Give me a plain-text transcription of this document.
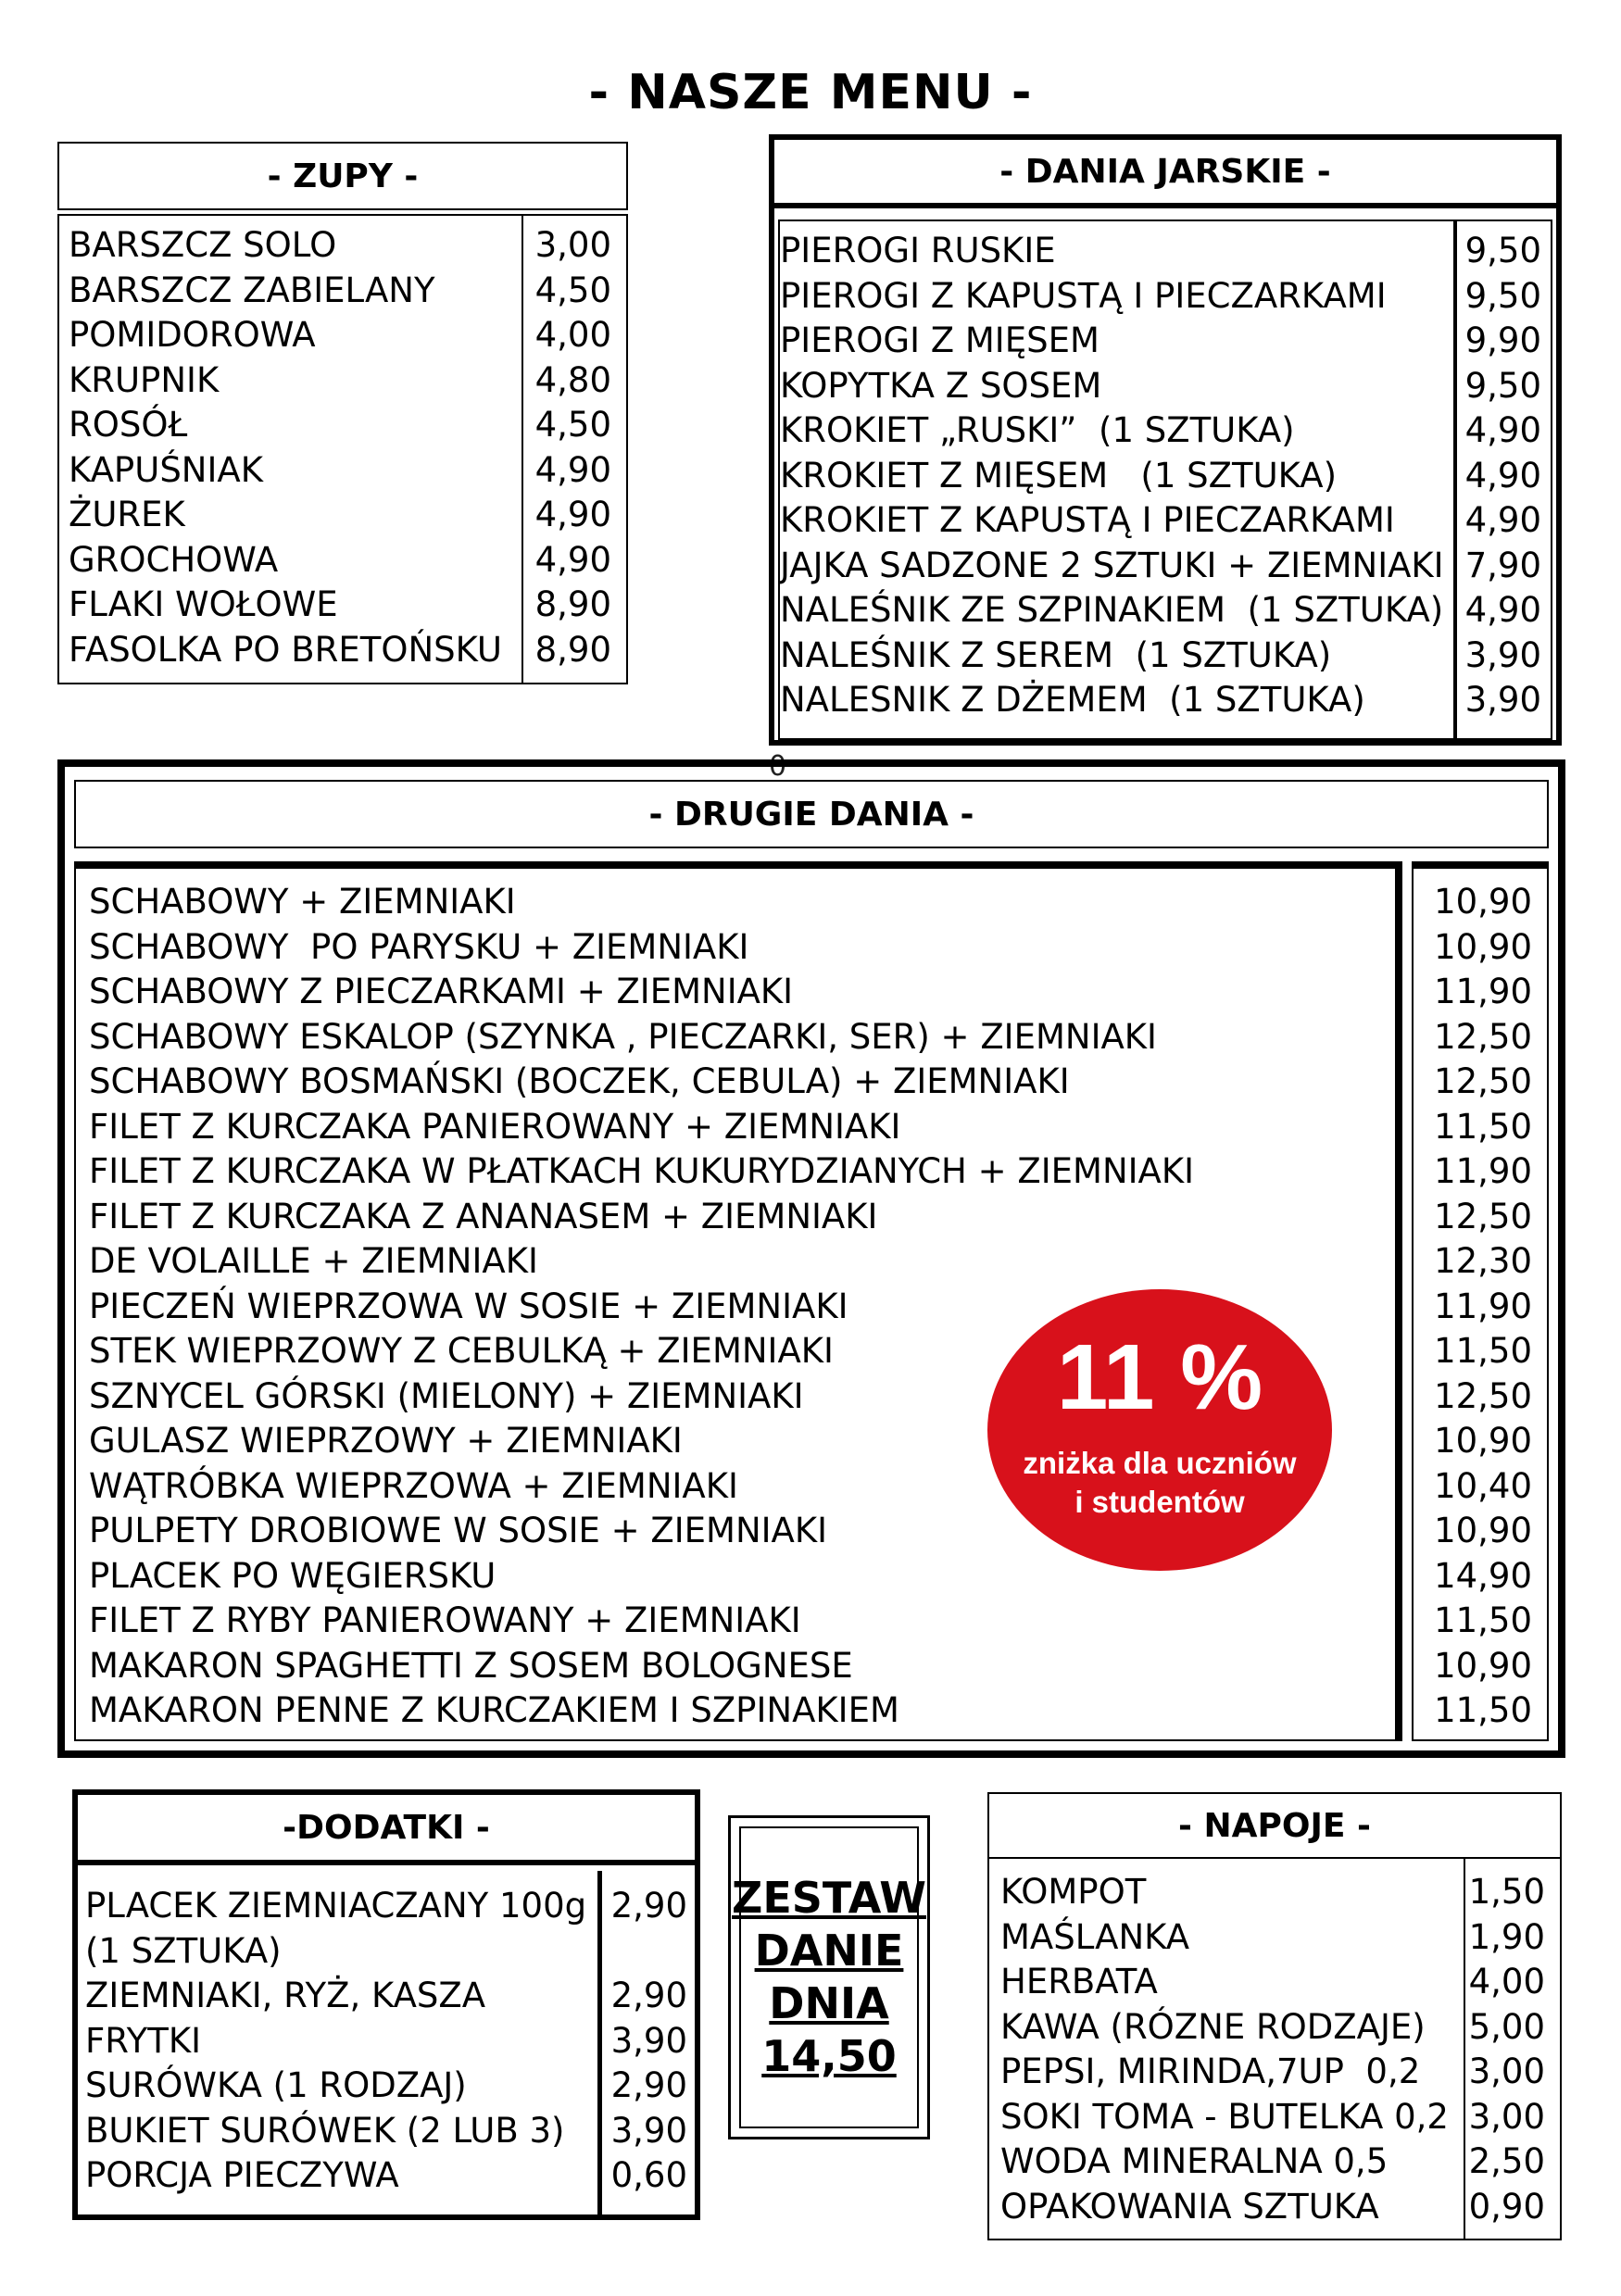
- NASZE MENU -
- ZUPY -
BARSZCZ SOLO
BARSZCZ ZABIELANY
POMIDOROWA
KRUPNIK
ROSÓŁ
KAPUŚNIAK
ŻUREK
GROCHOWA
FLAKI WOŁOWE
FASOLKA PO BRETOŃSKU
3,00
4,50
4,00
4,80
4,50
4,90
4,90
4,90
8,90
8,90
- DANIA JARSKIE -
PIEROGI RUSKIE
PIEROGI Z KAPUSTĄ I PIECZARKAMI
PIEROGI Z MIĘSEM
KOPYTKA Z SOSEM
KROKIET „RUSKI”  (1 SZTUKA)
KROKIET Z MIĘSEM   (1 SZTUKA)
KROKIET Z KAPUSTĄ I PIECZARKAMI
JAJKA SADZONE 2 SZTUKI + ZIEMNIAKI
NALEŚNIK ZE SZPINAKIEM  (1 SZTUKA)
NALEŚNIK Z SEREM  (1 SZTUKA)
NALESNIK Z DŻEMEM  (1 SZTUKA)
9,50
9,50
9,90
9,50
4,90
4,90
4,90
7,90
4,90
3,90
3,90
0
- DRUGIE DANIA -
SCHABOWY + ZIEMNIAKI
SCHABOWY  PO PARYSKU + ZIEMNIAKI
SCHABOWY Z PIECZARKAMI + ZIEMNIAKI
SCHABOWY ESKALOP (SZYNKA , PIECZARKI, SER) + ZIEMNIAKI
SCHABOWY BOSMAŃSKI (BOCZEK, CEBULA) + ZIEMNIAKI
FILET Z KURCZAKA PANIEROWANY + ZIEMNIAKI
FILET Z KURCZAKA W PŁATKACH KUKURYDZIANYCH + ZIEMNIAKI
FILET Z KURCZAKA Z ANANASEM + ZIEMNIAKI
DE VOLAILLE + ZIEMNIAKI
PIECZEŃ WIEPRZOWA W SOSIE + ZIEMNIAKI
STEK WIEPRZOWY Z CEBULKĄ + ZIEMNIAKI
SZNYCEL GÓRSKI (MIELONY) + ZIEMNIAKI
GULASZ WIEPRZOWY + ZIEMNIAKI
WĄTRÓBKA WIEPRZOWA + ZIEMNIAKI
PULPETY DROBIOWE W SOSIE + ZIEMNIAKI
PLACEK PO WĘGIERSKU
FILET Z RYBY PANIEROWANY + ZIEMNIAKI
MAKARON SPAGHETTI Z SOSEM BOLOGNESE
MAKARON PENNE Z KURCZAKIEM I SZPINAKIEM
10,90
10,90
11,90
12,50
12,50
11,50
11,90
12,50
12,30
11,90
11,50
12,50
10,90
10,40
10,90
14,90
11,50
10,90
11,50
11 %
zniżka dla uczniów
i studentów
-DODATKI -
PLACEK ZIEMNIACZANY 100g
(1 SZTUKA)
ZIEMNIAKI, RYŻ, KASZA
FRYTKI
SURÓWKA (1 RODZAJ)
BUKIET SURÓWEK (2 LUB 3)
PORCJA PIECZYWA
2,90
2,90
3,90
2,90
3,90
0,60
ZESTAW
DANIE
DNIA
14,50
- NAPOJE -
KOMPOT
MAŚLANKA
HERBATA
KAWA (RÓZNE RODZAJE)
PEPSI, MIRINDA,7UP  0,2
SOKI TOMA - BUTELKA 0,2
WODA MINERALNA 0,5
OPAKOWANIA SZTUKA
1,50
1,90
4,00
5,00
3,00
3,00
2,50
0,90
